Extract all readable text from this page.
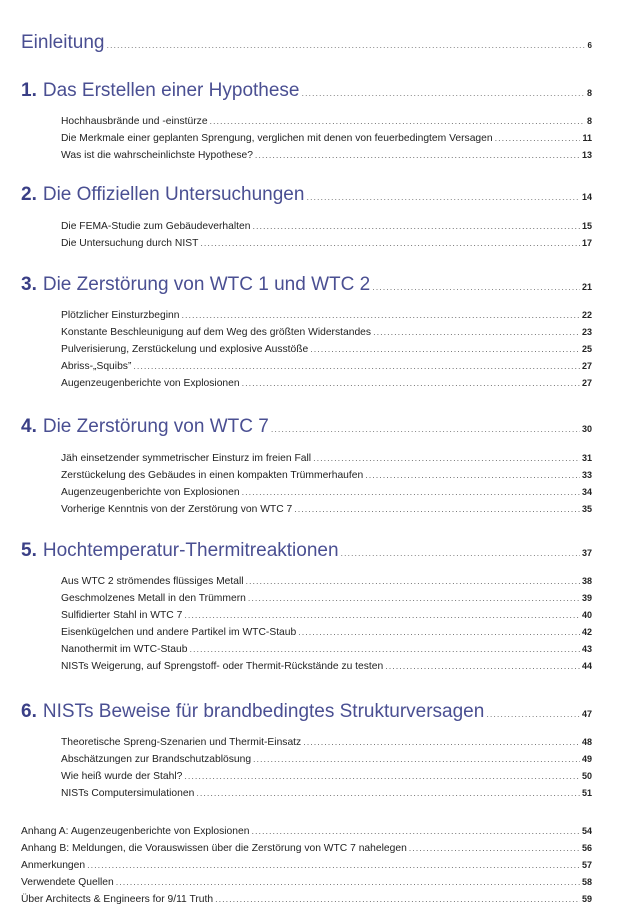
Einleitung .....	6
1. Das Erstellen einer Hypothese .....	8
Hochhausbrände und -einstürze .....	8
Die Merkmale einer geplanten Sprengung, verglichen mit denen von feuerbedingtem Versagen .....	11
Was ist die wahrscheinlichste Hypothese? .....	13
2. Die Offiziellen Untersuchungen .....	14
Die FEMA-Studie zum Gebäudeverhalten .....	15
Die Untersuchung durch NIST .....	17
3. Die Zerstörung von WTC 1 und WTC 2 .....	21
Plötzlicher Einsturzbeginn .....	22
Konstante Beschleunigung auf dem Weg des größten Widerstandes .....	23
Pulverisierung, Zerstückelung und explosive Ausstöße .....	25
Abriss-„Squibs” .....	27
Augenzeugenberichte von Explosionen .....	27
4. Die Zerstörung von WTC 7 .....	30
Jäh einsetzender symmetrischer Einsturz im freien Fall .....	31
Zerstückelung des Gebäudes in einen kompakten Trümmerhaufen .....	33
Augenzeugenberichte von Explosionen .....	34
Vorherige Kenntnis von der Zerstörung von WTC 7 .....	35
5. Hochtemperatur-Thermitreaktionen .....	37
Aus WTC 2 strömendes flüssiges Metall .....	38
Geschmolzenes Metall in den Trümmern .....	39
Sulfidierter Stahl in WTC 7 .....	40
Eisenkügelchen und andere Partikel im WTC-Staub .....	42
Nanothermit im WTC-Staub .....	43
NISTs Weigerung, auf Sprengstoff- oder Thermit-Rückstände zu testen .....	44
6. NISTs Beweise für brandbedingtes Strukturversagen .....	47
Theoretische Spreng-Szenarien und Thermit-Einsatz .....	48
Abschätzungen zur Brandschutzablösung .....	49
Wie heiß wurde der Stahl? .....	50
NISTs Computersimulationen .....	51
Anhang A: Augenzeugenberichte von Explosionen .....	54
Anhang B: Meldungen, die Vorauswissen über die Zerstörung von WTC 7 nahelegen .....	56
Anmerkungen .....	57
Verwendete Quellen .....	58
Über Architects & Engineers for 9/11 Truth .....	59
